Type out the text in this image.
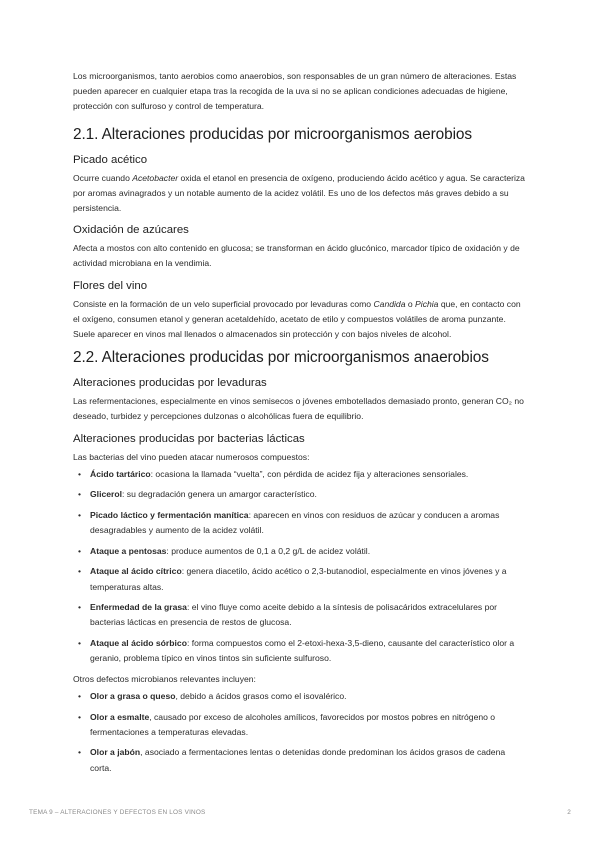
Los microorganismos, tanto aerobios como anaerobios, son responsables de un gran número de alteraciones. Estas pueden aparecer en cualquier etapa tras la recogida de la uva si no se aplican condiciones adecuadas de higiene, protección con sulfuroso y control de temperatura.

2.1. Alteraciones producidas por microorganismos aerobios
Picado acético

Ocurre cuando Acetobacter oxida el etanol en presencia de oxígeno, produciendo ácido acético y agua. Se caracteriza por aromas avinagrados y un notable aumento de la acidez volátil. Es uno de los defectos más graves debido a su persistencia.

Oxidación de azúcares

Afecta a mostos con alto contenido en glucosa; se transforman en ácido glucónico, marcador típico de oxidación y de actividad microbiana en la vendimia.

Flores del vino

Consiste en la formación de un velo superficial provocado por levaduras como Candida o Pichia que, en contacto con el oxígeno, consumen etanol y generan acetaldehído, acetato de etilo y compuestos volátiles de aroma punzante. Suele aparecer en vinos mal llenados o almacenados sin protección y con bajos niveles de alcohol.

2.2. Alteraciones producidas por microorganismos anaerobios
Alteraciones producidas por levaduras

Las refermentaciones, especialmente en vinos semisecos o jóvenes embotellados demasiado pronto, generan CO₂ no deseado, turbidez y percepciones dulzonas o alcohólicas fuera de equilibrio.

Alteraciones producidas por bacterias lácticas

Las bacterias del vino pueden atacar numerosos compuestos:

• Ácido tartárico: ocasiona la llamada “vuelta”, con pérdida de acidez fija y alteraciones sensoriales.
• Glicerol: su degradación genera un amargor característico.
• Picado láctico y fermentación manítica: aparecen en vinos con residuos de azúcar y conducen a aromas desagradables y aumento de la acidez volátil.
• Ataque a pentosas: produce aumentos de 0,1 a 0,2 g/L de acidez volátil.
• Ataque al ácido cítrico: genera diacetilo, ácido acético o 2,3-butanodiol, especialmente en vinos jóvenes y a temperaturas altas.
• Enfermedad de la grasa: el vino fluye como aceite debido a la síntesis de polisacáridos extracelulares por bacterias lácticas en presencia de restos de glucosa.
• Ataque al ácido sórbico: forma compuestos como el 2-etoxi-hexa-3,5-dieno, causante del característico olor a geranio, problema típico en vinos tintos sin suficiente sulfuroso.

Otros defectos microbianos relevantes incluyen:

• Olor a grasa o queso, debido a ácidos grasos como el isovalérico.
• Olor a esmalte, causado por exceso de alcoholes amílicos, favorecidos por mostos pobres en nitrógeno o fermentaciones a temperaturas elevadas.
• Olor a jabón, asociado a fermentaciones lentas o detenidas donde predominan los ácidos grasos de cadena corta.
TEMA 9 – ALTERACIONES Y DEFECTOS EN LOS VINOS	2
